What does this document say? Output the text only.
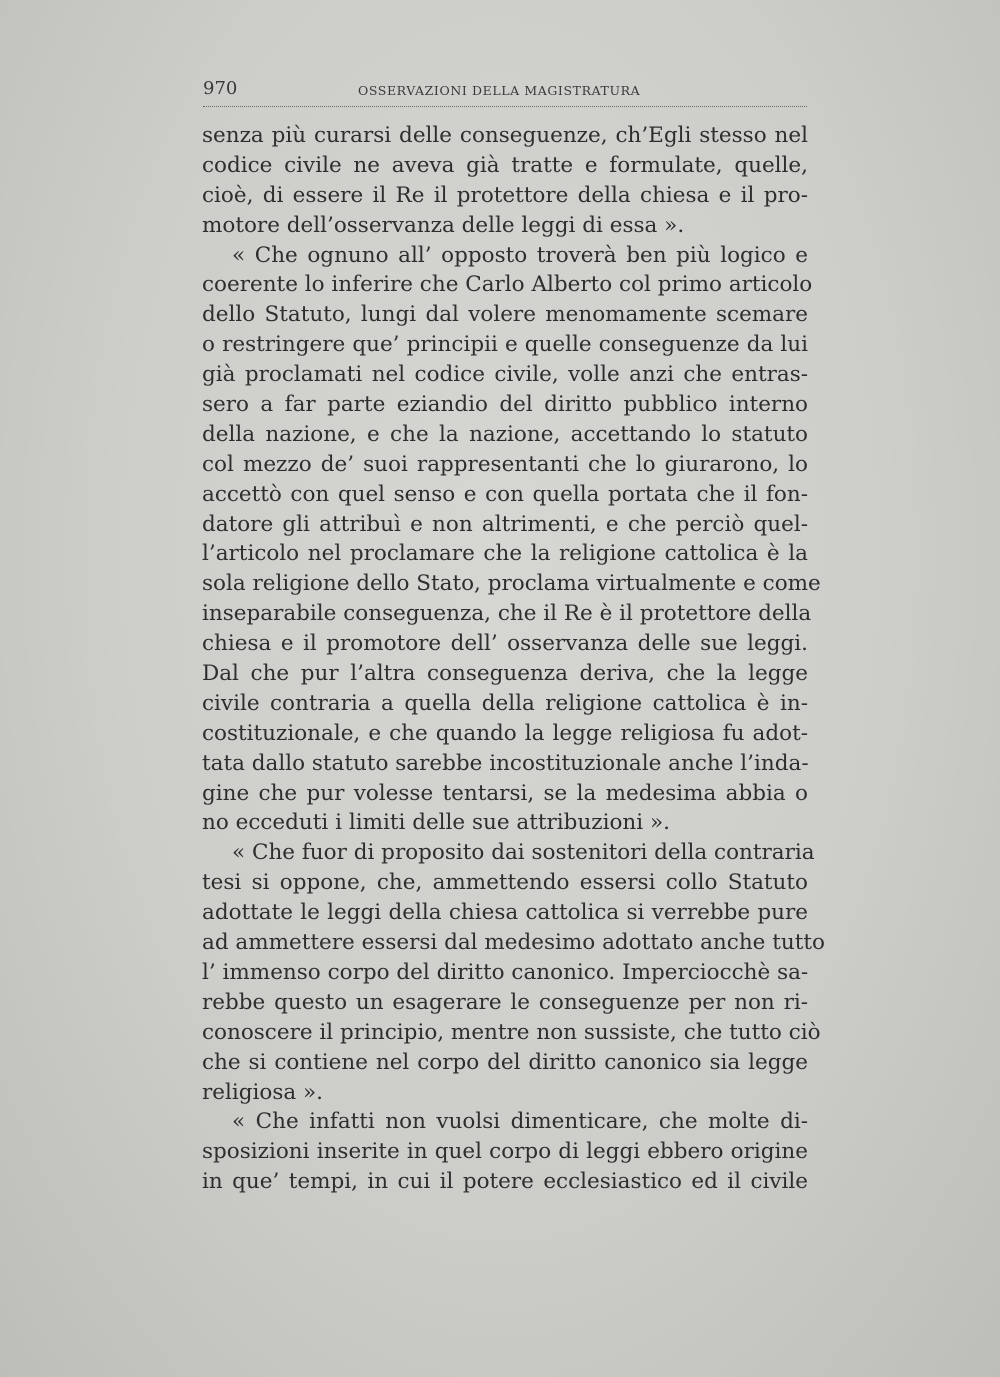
970	OSSERVAZIONI DELLA MAGISTRATURA
senza più curarsi delle conseguenze, ch’Egli stesso nel
codice civile ne aveva già tratte e formulate, quelle,
cioè, di essere il Re il protettore della chiesa e il pro-
motore dell’osservanza delle leggi di essa ».
« Che ognuno all’ opposto troverà ben più logico e
coerente lo inferire che Carlo Alberto col primo articolo
dello Statuto, lungi dal volere menomamente scemare
o restringere que’ principii e quelle conseguenze da lui
già proclamati nel codice civile, volle anzi che entras-
sero a far parte eziandio del diritto pubblico interno
della nazione, e che la nazione, accettando lo statuto
col mezzo de’ suoi rappresentanti che lo giurarono, lo
accettò con quel senso e con quella portata che il fon-
datore gli attribuì e non altrimenti, e che perciò quel-
l’articolo nel proclamare che la religione cattolica è la
sola religione dello Stato, proclama virtualmente e come
inseparabile conseguenza, che il Re è il protettore della
chiesa e il promotore dell’ osservanza delle sue leggi.
Dal che pur l’altra conseguenza deriva, che la legge
civile contraria a quella della religione cattolica è in-
costituzionale, e che quando la legge religiosa fu adot-
tata dallo statuto sarebbe incostituzionale anche l’inda-
gine che pur volesse tentarsi, se la medesima abbia o
no ecceduti i limiti delle sue attribuzioni ».
« Che fuor di proposito dai sostenitori della contraria
tesi si oppone, che, ammettendo essersi collo Statuto
adottate le leggi della chiesa cattolica si verrebbe pure
ad ammettere essersi dal medesimo adottato anche tutto
l’ immenso corpo del diritto canonico. Imperciocchè sa-
rebbe questo un esagerare le conseguenze per non ri-
conoscere il principio, mentre non sussiste, che tutto ciò
che si contiene nel corpo del diritto canonico sia legge
religiosa ».
« Che infatti non vuolsi dimenticare, che molte di-
sposizioni inserite in quel corpo di leggi ebbero origine
in que’ tempi, in cui il potere ecclesiastico ed il civile
